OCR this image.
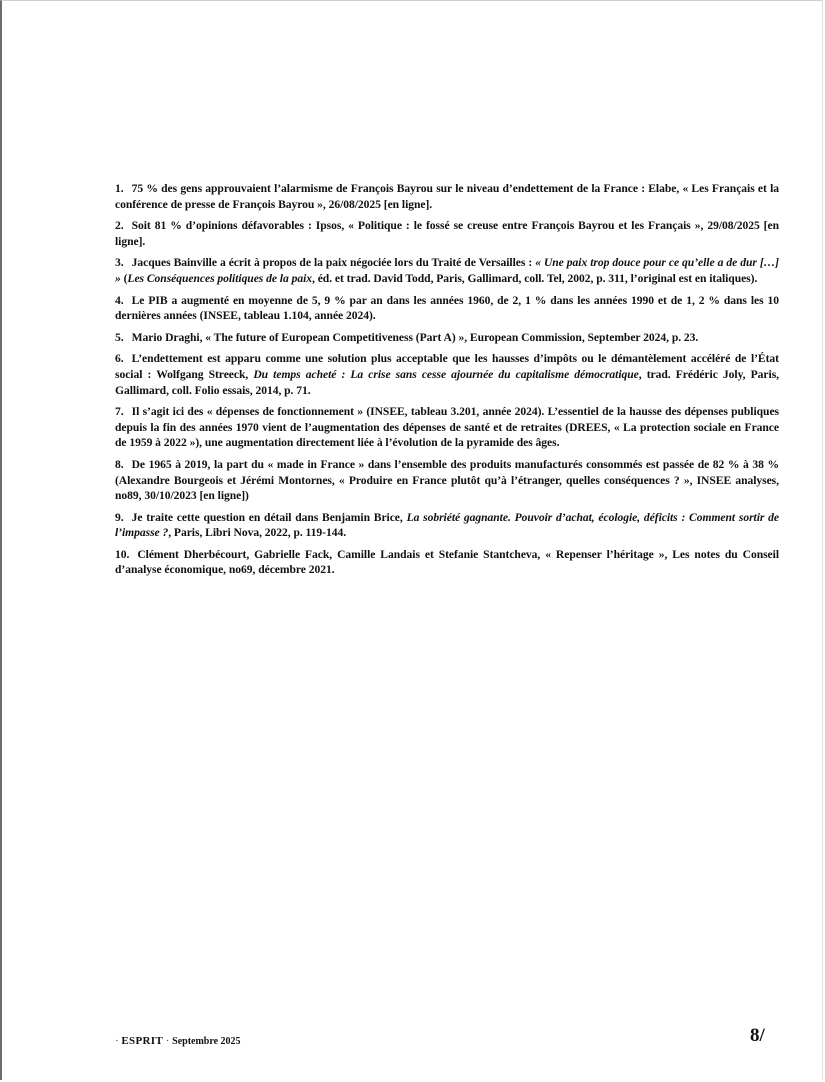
1. 75 % des gens approuvaient l’alarmisme de François Bayrou sur le niveau d’endettement de la France : Elabe, « Les Français et la conférence de presse de François Bayrou », 26/08/2025 [en ligne].
2. Soit 81 % d’opinions défavorables : Ipsos, « Politique : le fossé se creuse entre François Bayrou et les Français », 29/08/2025 [en ligne].
3. Jacques Bainville a écrit à propos de la paix négociée lors du Traité de Versailles : « Une paix trop douce pour ce qu’elle a de dur […] » (Les Conséquences politiques de la paix, éd. et trad. David Todd, Paris, Gallimard, coll. Tel, 2002, p. 311, l’original est en italiques).
4. Le PIB a augmenté en moyenne de 5, 9 % par an dans les années 1960, de 2, 1 % dans les années 1990 et de 1, 2 % dans les 10 dernières années (INSEE, tableau 1.104, année 2024).
5. Mario Draghi, « The future of European Competitiveness (Part A) », European Commission, September 2024, p. 23.
6. L’endettement est apparu comme une solution plus acceptable que les hausses d’impôts ou le démantèlement accéléré de l’État social : Wolfgang Streeck, Du temps acheté : La crise sans cesse ajournée du capitalisme démocratique, trad. Frédéric Joly, Paris, Gallimard, coll. Folio essais, 2014, p. 71.
7. Il s’agit ici des « dépenses de fonctionnement » (INSEE, tableau 3.201, année 2024). L’essentiel de la hausse des dépenses publiques depuis la fin des années 1970 vient de l’augmentation des dépenses de santé et de retraites (DREES, « La protection sociale en France de 1959 à 2022 »), une augmentation directement liée à l’évolution de la pyramide des âges.
8. De 1965 à 2019, la part du « made in France » dans l’ensemble des produits manufacturés consommés est passée de 82 % à 38 % (Alexandre Bourgeois et Jérémi Montornes, « Produire en France plutôt qu’à l’étranger, quelles conséquences ? », INSEE analyses, no89, 30/10/2023 [en ligne])
9. Je traite cette question en détail dans Benjamin Brice, La sobriété gagnante. Pouvoir d’achat, écologie, déficits : Comment sortir de l’impasse ?, Paris, Libri Nova, 2022, p. 119-144.
10. Clément Dherbécourt, Gabrielle Fack, Camille Landais et Stefanie Stantcheva, « Repenser l’héritage », Les notes du Conseil d’analyse économique, no69, décembre 2021.
· ESPRIT · Septembre 2025	8/
